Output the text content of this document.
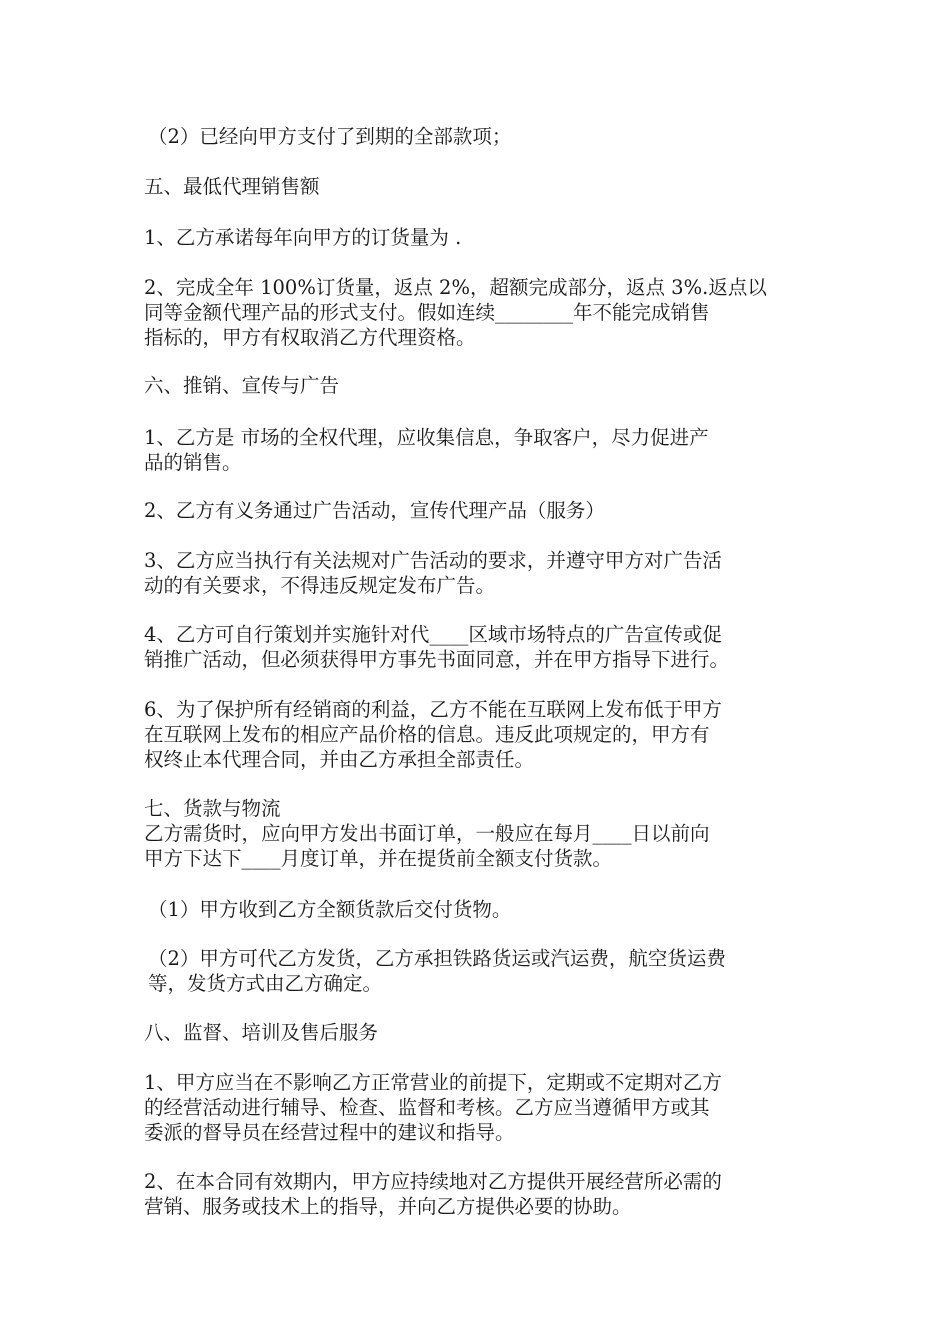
（2）已经向甲方支付了到期的全部款项；

五、最低代理销售额

1、乙方承诺每年向甲方的订货量为 .

2、完成全年 100%订货量，返点 2%，超额完成部分，返点 3%.返点以
同等金额代理产品的形式支付。假如连续________年不能完成销售
指标的，甲方有权取消乙方代理资格。

六、推销、宣传与广告

1、乙方是 市场的全权代理，应收集信息，争取客户，尽力促进产
品的销售。

2、乙方有义务通过广告活动，宣传代理产品（服务）

3、乙方应当执行有关法规对广告活动的要求，并遵守甲方对广告活
动的有关要求，不得违反规定发布广告。

4、乙方可自行策划并实施针对代____区域市场特点的广告宣传或促
销推广活动，但必须获得甲方事先书面同意，并在甲方指导下进行。

6、为了保护所有经销商的利益，乙方不能在互联网上发布低于甲方
在互联网上发布的相应产品价格的信息。违反此项规定的，甲方有
权终止本代理合同，并由乙方承担全部责任。

七、货款与物流
乙方需货时，应向甲方发出书面订单，一般应在每月____日以前向
甲方下达下____月度订单，并在提货前全额支付货款。

（1）甲方收到乙方全额货款后交付货物。

（2）甲方可代乙方发货，乙方承担铁路货运或汽运费，航空货运费
等，发货方式由乙方确定。

八、监督、培训及售后服务

1、甲方应当在不影响乙方正常营业的前提下，定期或不定期对乙方
的经营活动进行辅导、检查、监督和考核。乙方应当遵循甲方或其
委派的督导员在经营过程中的建议和指导。

2、在本合同有效期内，甲方应持续地对乙方提供开展经营所必需的
营销、服务或技术上的指导，并向乙方提供必要的协助。
